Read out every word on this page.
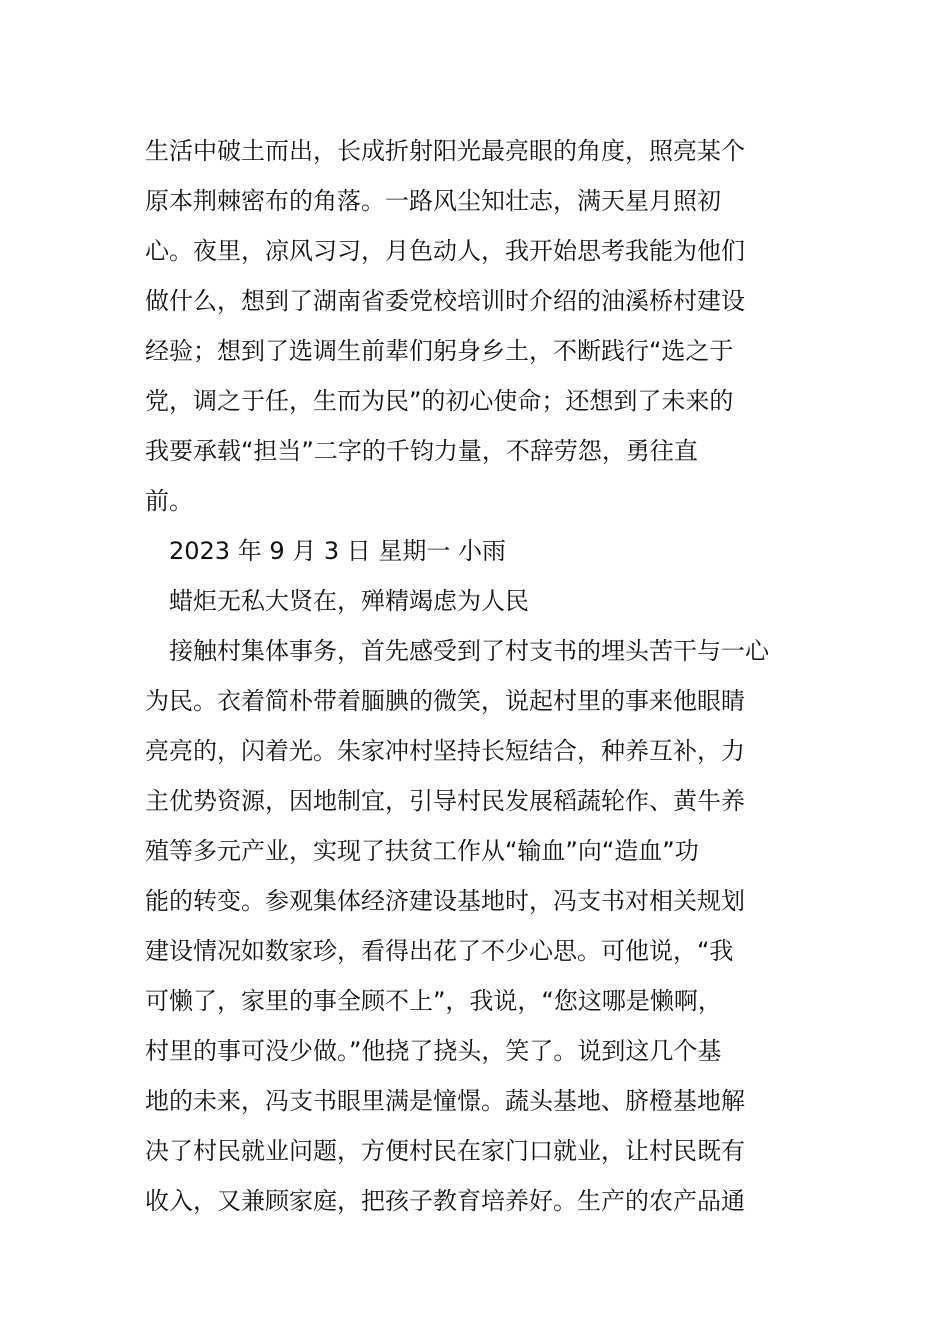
生活中破土而出，长成折射阳光最亮眼的角度，照亮某个
原本荆棘密布的角落。一路风尘知壮志，满天星月照初
心。夜里，凉风习习，月色动人，我开始思考我能为他们
做什么，想到了湖南省委党校培训时介绍的油溪桥村建设
经验；想到了选调生前辈们躬身乡土，不断践行“选之于
党，调之于任，生而为民”的初心使命；还想到了未来的
我要承载“担当”二字的千钧力量，不辞劳怨，勇往直
前。
2023 年 9 月 3 日 星期一 小雨
蜡炬无私大贤在，殚精竭虑为人民
接触村集体事务，首先感受到了村支书的埋头苦干与一心
为民。衣着简朴带着腼腆的微笑，说起村里的事来他眼睛
亮亮的，闪着光。朱家冲村坚持长短结合，种养互补，力
主优势资源，因地制宜，引导村民发展稻蔬轮作、黄牛养
殖等多元产业，实现了扶贫工作从“输血”向“造血”功
能的转变。参观集体经济建设基地时，冯支书对相关规划
建设情况如数家珍，看得出花了不少心思。可他说，“我
可懒了，家里的事全顾不上”，我说，“您这哪是懒啊，
村里的事可没少做。”他挠了挠头，笑了。说到这几个基
地的未来，冯支书眼里满是憧憬。蔬头基地、脐橙基地解
决了村民就业问题，方便村民在家门口就业，让村民既有
收入，又兼顾家庭，把孩子教育培养好。生产的农产品通
